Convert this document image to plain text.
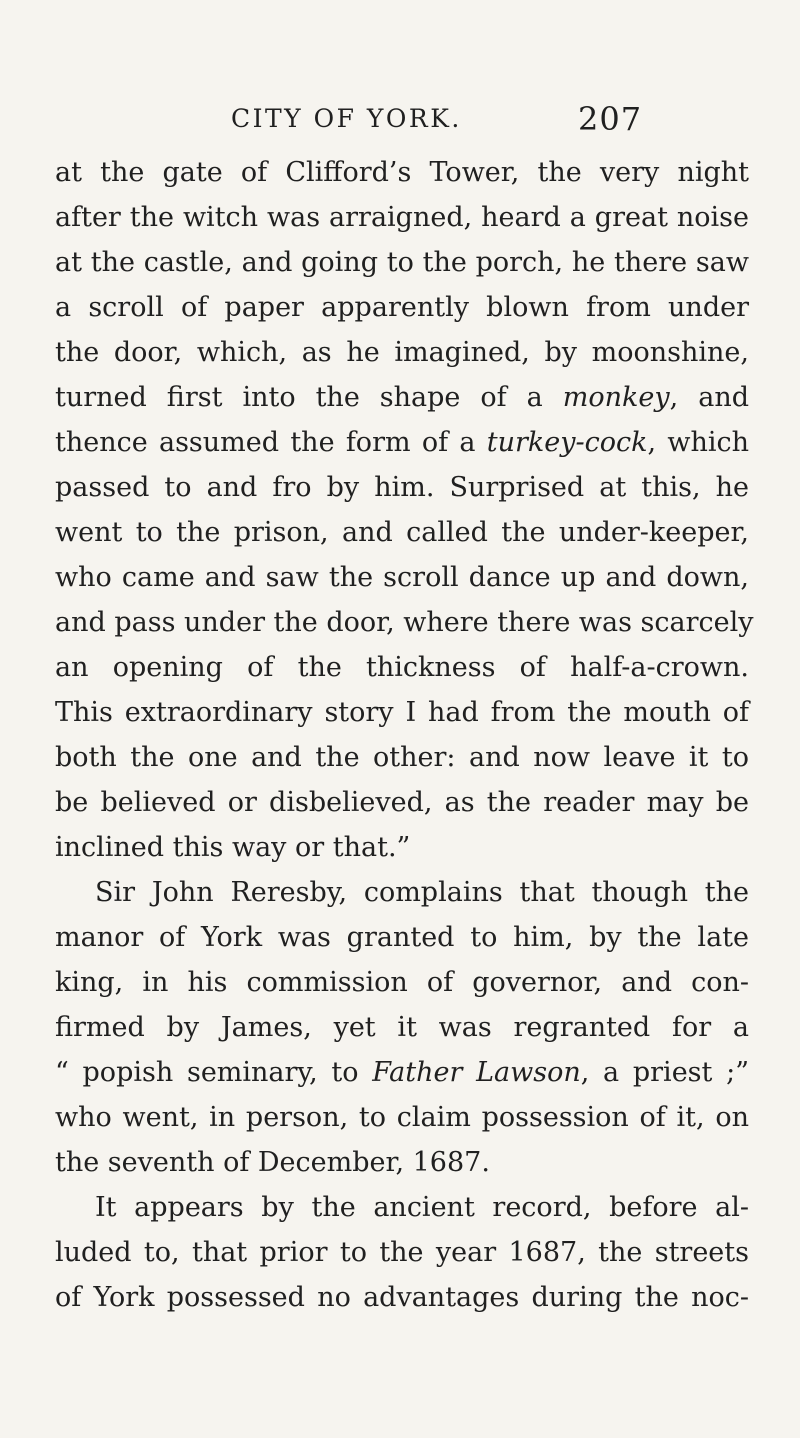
CITY OF YORK.	207
at the gate of Clifford’s Tower, the very night
after the witch was arraigned, heard a great noise
at the castle, and going to the porch, he there saw
a scroll of paper apparently blown from under
the door, which, as he imagined, by moonshine,
turned first into the shape of a monkey, and
thence assumed the form of a turkey-cock, which
passed to and fro by him. Surprised at this, he
went to the prison, and called the under-keeper,
who came and saw the scroll dance up and down,
and pass under the door, where there was scarcely
an opening of the thickness of half-a-crown.
This extraordinary story I had from the mouth of
both the one and the other: and now leave it to
be believed or disbelieved, as the reader may be
inclined this way or that.”
Sir John Reresby, complains that though the
manor of York was granted to him, by the late
king, in his commission of governor, and con-
firmed by James, yet it was regranted for a
“ popish seminary, to Father Lawson, a priest ;”
who went, in person, to claim possession of it, on
the seventh of December, 1687.
It appears by the ancient record, before al-
luded to, that prior to the year 1687, the streets
of York possessed no advantages during the noc-
